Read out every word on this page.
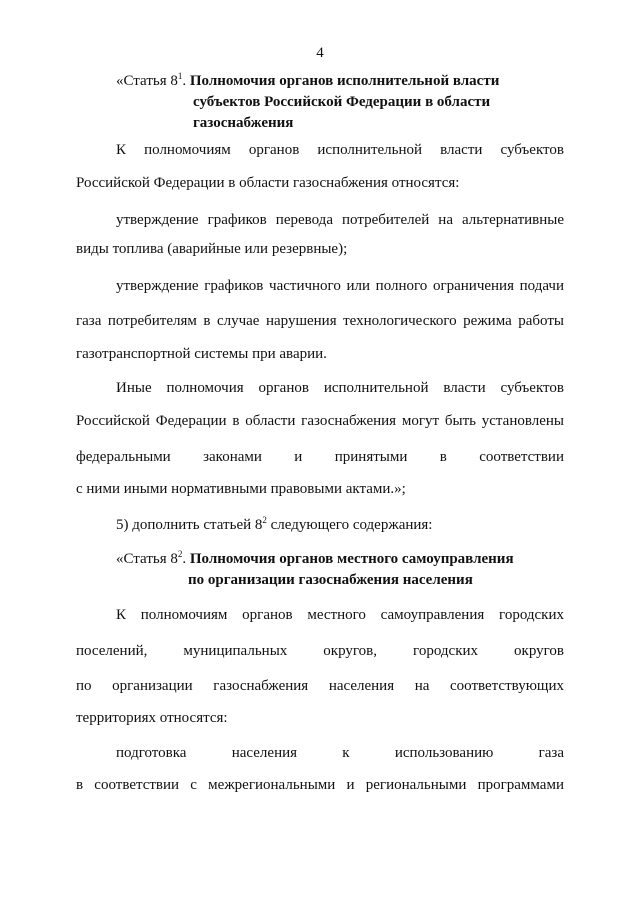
4
«Статья $8^1$. Полномочия органов исполнительной власти
субъектов Российской Федерации в области
газоснабжения
К полномочиям органов исполнительной власти субъектов
Российской Федерации в области газоснабжения относятся:
утверждение графиков перевода потребителей на альтернативные
виды топлива (аварийные или резервные);
утверждение графиков частичного или полного ограничения подачи
газа потребителям в случае нарушения технологического режима работы
газотранспортной системы при аварии.
Иные полномочия органов исполнительной власти субъектов
Российской Федерации в области газоснабжения могут быть установлены
федеральными законами и принятыми в соответствии
с ними иными нормативными правовыми актами.»;
5) дополнить статьей $8^2$ следующего содержания:
«Статья $8^2$. Полномочия органов местного самоуправления
по организации газоснабжения населения
К полномочиям органов местного самоуправления городских
поселений, муниципальных округов, городских округов
по организации газоснабжения населения на соответствующих
территориях относятся:
подготовка населения к использованию газа
в соответствии с межрегиональными и региональными программами
